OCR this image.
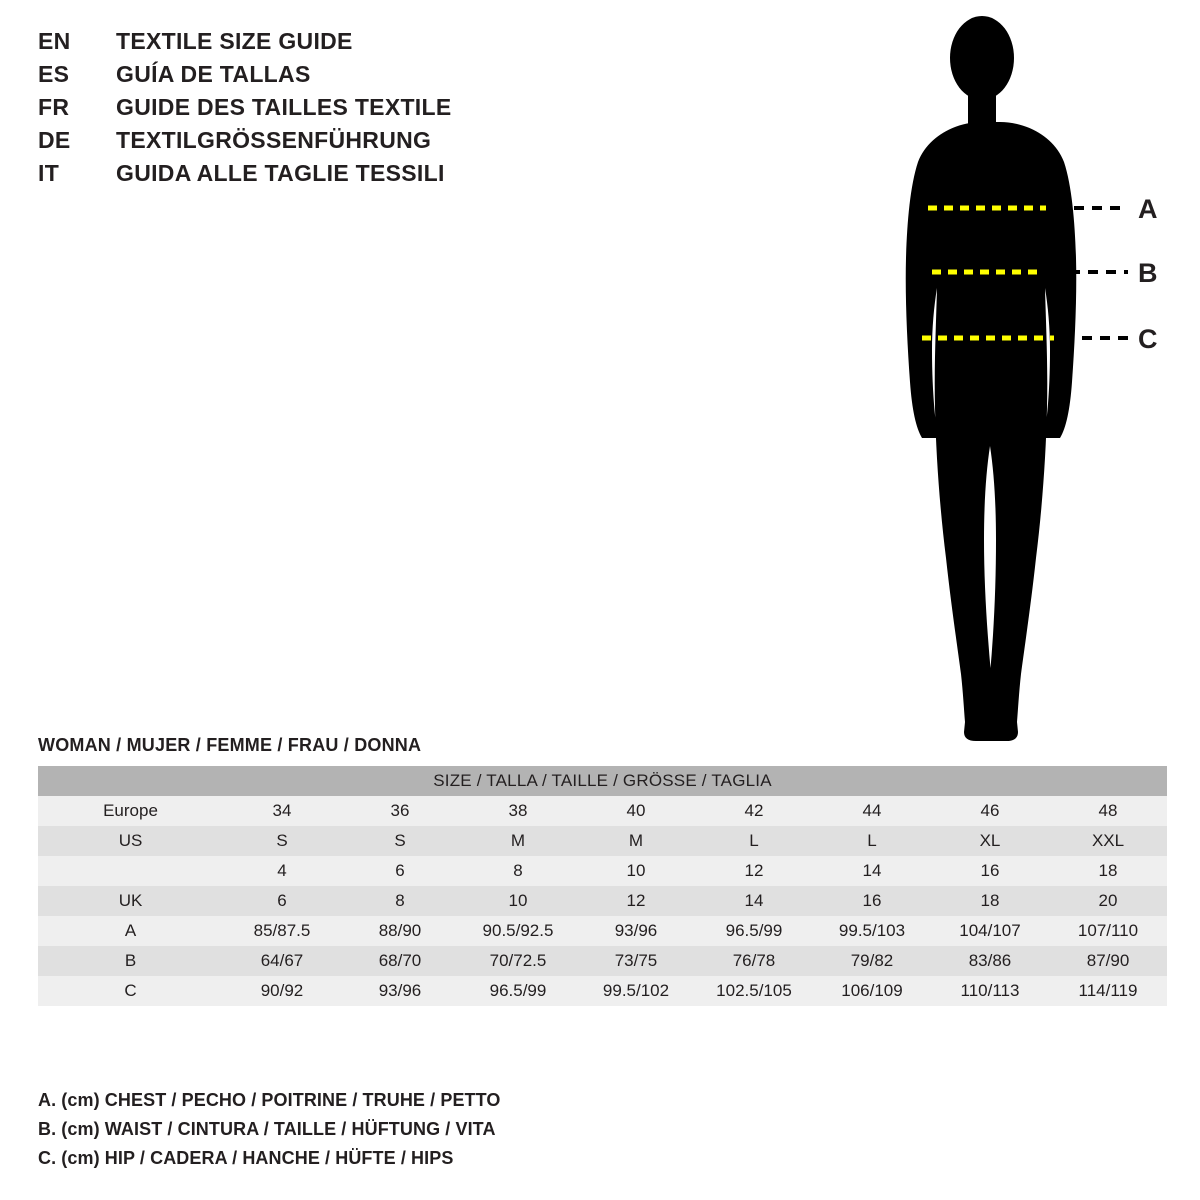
EN	TEXTILE SIZE GUIDE
ES	GUÍA DE TALLAS
FR	GUIDE DES TAILLES TEXTILE
DE	TEXTILGRÖSSENFÜHRUNG
IT	GUIDA ALLE TAGLIE TESSILI
A
B
C
WOMAN / MUJER / FEMME / FRAU / DONNA
SIZE / TALLA / TAILLE / GRÖSSE / TAGLIA								
Europe	34	36	38	40	42	44	46	48
US	S	S	M	M	L	L	XL	XXL
	4	6	8	10	12	14	16	18
UK	6	8	10	12	14	16	18	20
A	85/87.5	88/90	90.5/92.5	93/96	96.5/99	99.5/103	104/107	107/110
B	64/67	68/70	70/72.5	73/75	76/78	79/82	83/86	87/90
C	90/92	93/96	96.5/99	99.5/102	102.5/105	106/109	110/113	114/119
A. (cm) CHEST / PECHO / POITRINE / TRUHE / PETTO
B. (cm) WAIST / CINTURA / TAILLE / HÜFTUNG / VITA
C. (cm) HIP / CADERA / HANCHE / HÜFTE / HIPS
